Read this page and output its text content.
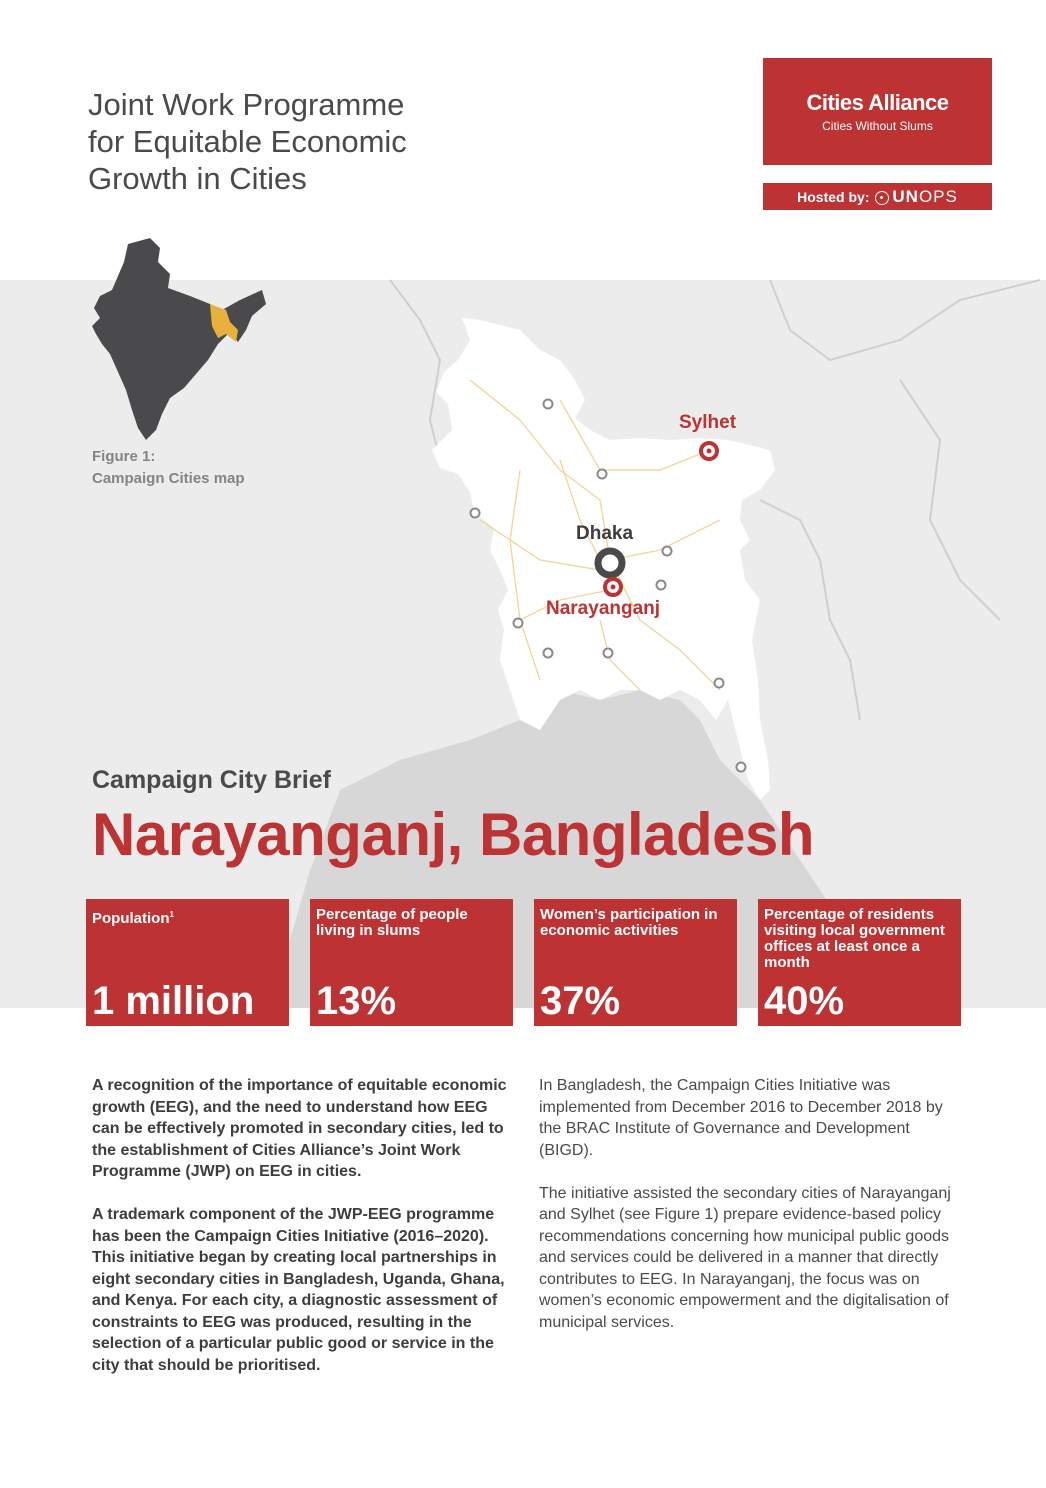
Joint Work Programme
for Equitable Economic
Growth in Cities
Cities Alliance
Cities Without Slums
Hosted by: UNOPS
Figure 1:
Campaign Cities map
Sylhet
Dhaka
Narayanganj
Campaign City Brief
Narayanganj, Bangladesh
Population$^1$
1 million
Percentage of people living in slums
13%
Women’s participation in economic activities
37%
Percentage of residents visiting local government offices at least once a month
40%

A recognition of the importance of equitable economic growth (EEG), and the need to understand how EEG can be effectively promoted in secondary cities, led to the establishment of Cities Alliance’s Joint Work Programme (JWP) on EEG in cities.

A trademark component of the JWP-EEG programme has been the Campaign Cities Initiative (2016–2020). This initiative began by creating local partnerships in eight secondary cities in Bangladesh, Uganda, Ghana, and Kenya. For each city, a diagnostic assessment of constraints to EEG was produced, resulting in the selection of a particular public good or service in the city that should be prioritised.

In Bangladesh, the Campaign Cities Initiative was implemented from December 2016 to December 2018 by the BRAC Institute of Governance and Development (BIGD).

The initiative assisted the secondary cities of Narayanganj and Sylhet (see Figure 1) prepare evidence-based policy recommendations concerning how municipal public goods and services could be delivered in a manner that directly contributes to EEG. In Narayanganj, the focus was on women’s economic empowerment and the digitalisation of municipal services.
